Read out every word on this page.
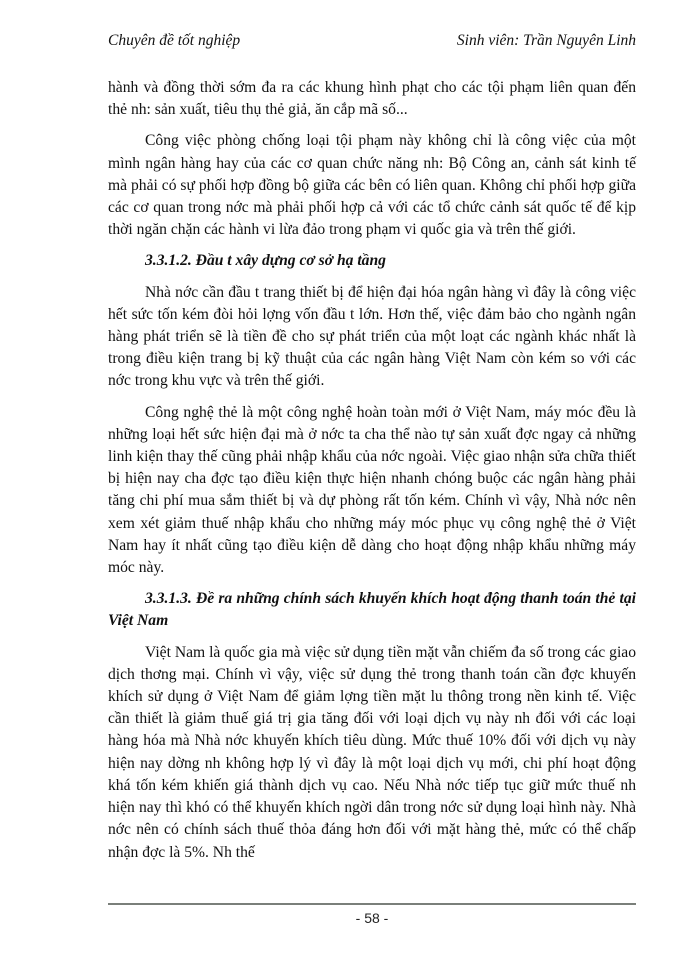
Chuyên đề tốt nghiệp	Sinh viên: Trần Nguyên Linh

hành và đồng thời sớm đa ra các khung hình phạt cho các tội phạm liên quan đến thẻ nh: sản xuất, tiêu thụ thẻ giả, ăn cắp mã số...

Công việc phòng chống loại tội phạm này không chỉ là công việc của một mình ngân hàng hay của các cơ quan chức năng nh: Bộ Công an, cảnh sát kinh tế mà phải có sự phối hợp đồng bộ giữa các bên có liên quan. Không chỉ phối hợp giữa các cơ quan trong nớc mà phải phối hợp cả với các tổ chức cảnh sát quốc tế để kịp thời ngăn chặn các hành vi lừa đảo trong phạm vi quốc gia và trên thế giới.

3.3.1.2. Đầu t xây dựng cơ sở hạ tầng

Nhà nớc cần đầu t trang thiết bị để hiện đại hóa ngân hàng vì đây là công việc hết sức tốn kém đòi hỏi lợng vốn đầu t lớn. Hơn thế, việc đảm bảo cho ngành ngân hàng phát triển sẽ là tiền đề cho sự phát triển của một loạt các ngành khác nhất là trong điều kiện trang bị kỹ thuật của các ngân hàng Việt Nam còn kém so với các nớc trong khu vực và trên thế giới.

Công nghệ thẻ là một công nghệ hoàn toàn mới ở Việt Nam, máy móc đều là những loại hết sức hiện đại mà ở nớc ta cha thể nào tự sản xuất đợc ngay cả những linh kiện thay thế cũng phải nhập khẩu của nớc ngoài. Việc giao nhận sửa chữa thiết bị hiện nay cha đợc tạo điều kiện thực hiện nhanh chóng buộc các ngân hàng phải tăng chi phí mua sắm thiết bị và dự phòng rất tốn kém. Chính vì vậy, Nhà nớc nên xem xét giảm thuế nhập khẩu cho những máy móc phục vụ công nghệ thẻ ở Việt Nam hay ít nhất cũng tạo điều kiện dễ dàng cho hoạt động nhập khẩu những máy móc này.

3.3.1.3. Đề ra những chính sách khuyến khích hoạt động thanh toán thẻ tại Việt Nam

Việt Nam là quốc gia mà việc sử dụng tiền mặt vẫn chiếm đa số trong các giao dịch thơng mại. Chính vì vậy, việc sử dụng thẻ trong thanh toán cần đợc khuyến khích sử dụng ở Việt Nam để giảm lợng tiền mặt lu thông trong nền kinh tế. Việc cần thiết là giảm thuế giá trị gia tăng đối với loại dịch vụ này nh đối với các loại hàng hóa mà Nhà nớc khuyến khích tiêu dùng. Mức thuế 10% đối với dịch vụ này hiện nay dờng nh không hợp lý vì đây là một loại dịch vụ mới, chi phí hoạt động khá tốn kém khiến giá thành dịch vụ cao. Nếu Nhà nớc tiếp tục giữ mức thuế nh hiện nay thì khó có thể khuyến khích ngời dân trong nớc sử dụng loại hình này. Nhà nớc nên có chính sách thuế thỏa đáng hơn đối với mặt hàng thẻ, mức có thể chấp nhận đợc là 5%. Nh thế

- 58 -
